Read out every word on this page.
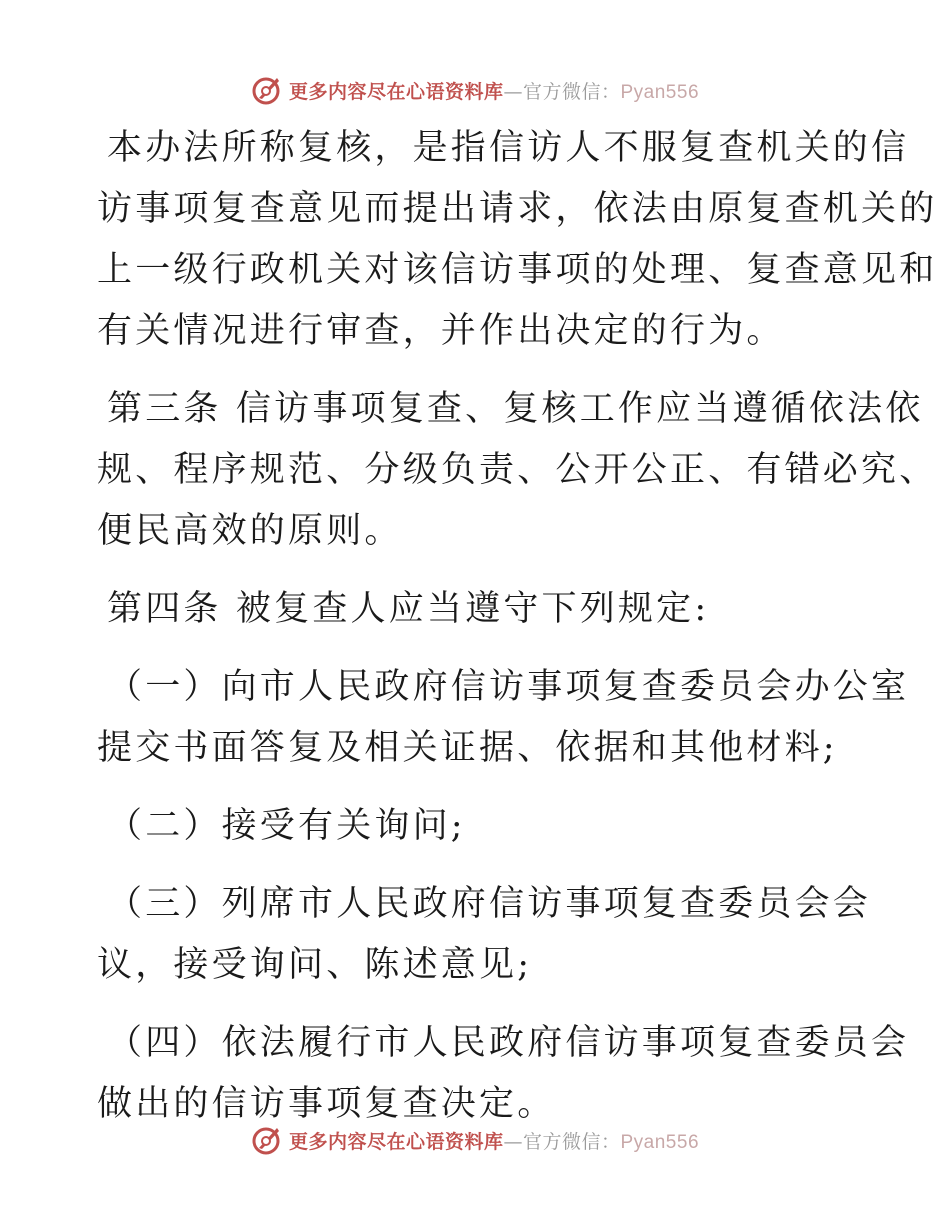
更多内容尽在心语资料库—官方微信：Pyan556

本办法所称复核，是指信访人不服复查机关的信
访事项复查意见而提出请求，依法由原复查机关的
上一级行政机关对该信访事项的处理、复查意见和
有关情况进行审查，并作出决定的行为。

第三条 信访事项复查、复核工作应当遵循依法依
规、程序规范、分级负责、公开公正、有错必究、
便民高效的原则。

第四条 被复查人应当遵守下列规定:

（一）向市人民政府信访事项复查委员会办公室
提交书面答复及相关证据、依据和其他材料;

（二）接受有关询问;

（三）列席市人民政府信访事项复查委员会会
议，接受询问、陈述意见;

（四）依法履行市人民政府信访事项复查委员会
做出的信访事项复查决定。

更多内容尽在心语资料库—官方微信：Pyan556
